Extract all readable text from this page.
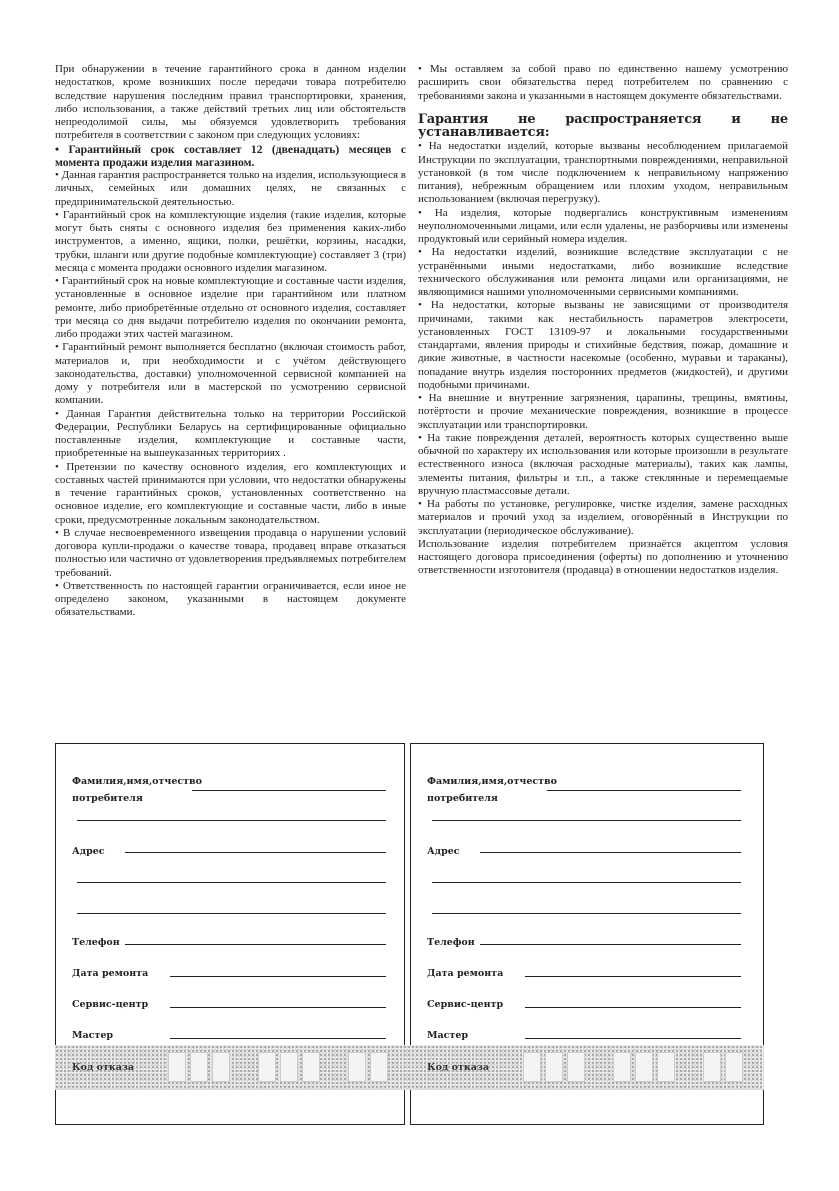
При обнаружении в течение гарантийного срока в данном изделии недостатков, кроме возникших после передачи товара потребителю вследствие нарушения последним правил транспортировки, хранения, либо использования, а также действий третьих лиц или обстоятельств непреодолимой силы, мы обязуемся удовлетворить требования потребителя в соответствии с законом при следующих условиях:

• Гарантийный срок составляет 12 (двенадцать) месяцев с момента продажи изделия магазином.

• Данная гарантия распространяется только на изделия, использующиеся в личных, семейных или домашних целях, не связанных с предпринимательской деятельностью.

• Гарантийный срок на комплектующие изделия (такие изделия, которые могут быть сняты с основного изделия без применения каких-либо инструментов, а именно, ящики, полки, решётки, корзины, насадки, трубки, шланги или другие подобные комплектующие) составляет 3 (три) месяца с момента продажи основного изделия магазином.

• Гарантийный срок на новые комплектующие и составные части изделия, установленные в основное изделие при гарантийном или платном ремонте, либо приобретённые отдельно от основного изделия, составляет три месяца со дня выдачи потребителю изделия по окончании ремонта, либо продажи этих частей магазином.

• Гарантийный ремонт выполняется бесплатно (включая стоимость работ, материалов и, при необходимости и с учётом действующего законодательства, доставки) уполномоченной сервисной компанией на дому у потребителя или в мастерской по усмотрению сервисной компании.

• Данная Гарантия действительна только на территории Российской Федерации, Республики Беларусь на сертифицированные официально поставленные изделия, комплектующие и составные части, приобретенные на вышеуказанных территориях .

• Претензии по качеству основного изделия, его комплектующих и составных частей принимаются при условии, что недостатки обнаружены в течение гарантийных сроков, установленных соответственно на основное изделие, его комплектующие и составные части, либо в иные сроки, предусмотренные локальным законодательством.

• В случае несвоевременного извещения продавца о нарушении условий договора купли-продажи о качестве товара, продавец вправе отказаться полностью или частично от удовлетворения предъявляемых потребителем требований.

• Ответственность по настоящей гарантии ограничивается, если иное не определено законом, указанными в настоящем документе обязательствами.

• Мы оставляем за собой право по единственно нашему усмотрению расширить свои обязательства перед потребителем по сравнению с требованиями закона и указанными в настоящем документе обязательствами.

Гарантия не распространяется и не устанавливается:

• На недостатки изделий, которые вызваны несоблюдением прилагаемой Инструкции по эксплуатации, транспортными повреждениями, неправильной установкой (в том числе подключением к неправильному напряжению питания), небрежным обращением или плохим уходом, неправильным использованием (включая перегрузку).

• На изделия, которые подвергались конструктивным изменениям неуполномоченными лицами, или если удалены, не разборчивы или изменены продуктовый или серийный номера изделия.

• На недостатки изделий, возникшие вследствие эксплуатации с не устранёнными иными недостатками, либо возникшие вследствие технического обслуживания или ремонта лицами или организациями, не являющимися нашими уполномоченными сервисными компаниями.

• На недостатки, которые вызваны не зависящими от производителя причинами, такими как нестабильность параметров электросети, установленных ГОСТ 13109-97 и локальными государственными стандартами, явления природы и стихийные бедствия, пожар, домашние и дикие животные, в частности насекомые (особенно, муравьи и тараканы), попадание внутрь изделия посторонних предметов (жидкостей), и другими подобными причинами.

• На внешние и внутренние загрязнения, царапины, трещины, вмятины, потёртости и прочие механические повреждения, возникшие в процессе эксплуатации или транспортировки.

• На такие повреждения деталей, вероятность которых существенно выше обычной по характеру их использования или которые произошли в результате естественного износа (включая расходные материалы), таких как лампы, элементы питания, фильтры и т.п., а также стеклянные и перемещаемые вручную пластмассовые детали.

• На работы по установке, регулировке, чистке изделия, замене расходных материалов и прочий уход за изделием, оговорённый в Инструкции по эксплуатации (периодическое обслуживание).

Использование изделия потребителем признаётся акцептом условия настоящего договора присоединения (оферты) по дополнению и уточнению ответственности изготовителя (продавца) в отношении недостатков изделия.

Фамилия,имя,отчество
потребителя
Адрес
Телефон
Дата ремонта
Сервис-центр
Мастер
Код отказа
Фамилия,имя,отчество
потребителя
Адрес
Телефон
Дата ремонта
Сервис-центр
Мастер
Код отказа
